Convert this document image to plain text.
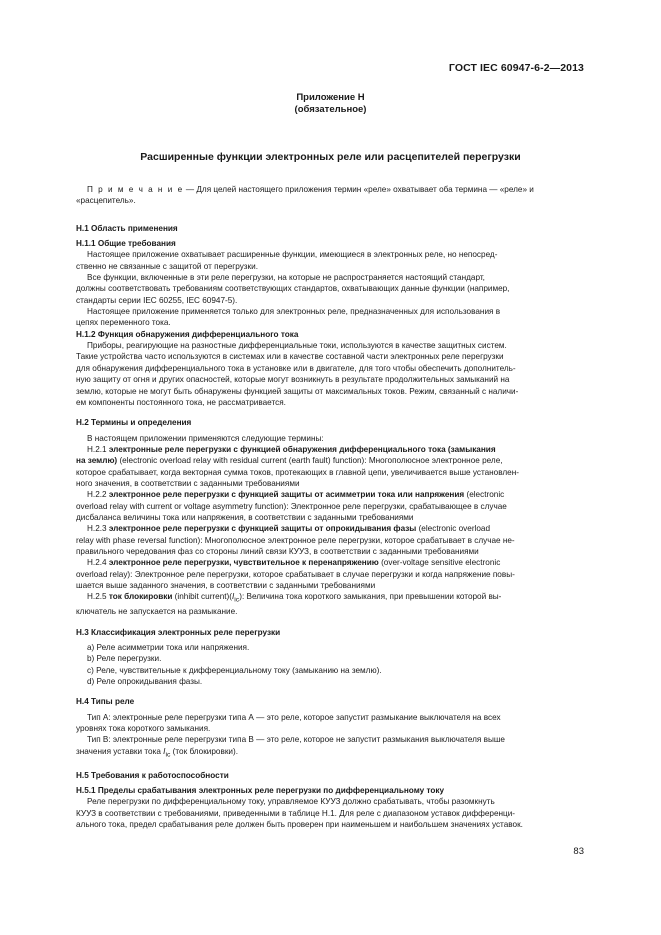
ГОСТ IEC 60947-6-2—2013
Приложение Н
(обязательное)
Расширенные функции электронных реле или расцепителей перегрузки

П р и м е ч а н и е — Для целей настоящего приложения термин «реле» охватывает оба термина — «реле» и

«расцепитель».

Н.1 Область применения

Н.1.1 Общие требования

Настоящее приложение охватывает расширенные функции, имеющиеся в электронных реле, но непосред-

ственно не связанные с защитой от перегрузки.

Все функции, включенные в эти реле перегрузки, на которые не распространяется настоящий стандарт,

должны соответствовать требованиям соответствующих стандартов, охватывающих данные функции (например,

стандарты серии IEC 60255, IEC 60947-5).

Настоящее приложение применяется только для электронных реле, предназначенных для использования в

цепях переменного тока.

Н.1.2 Функция обнаружения дифференциального тока

Приборы, реагирующие на разностные дифференциальные токи, используются в качестве защитных систем.

Такие устройства часто используются в системах или в качестве составной части электронных реле перегрузки

для обнаружения дифференциального тока в установке или в двигателе, для того чтобы обеспечить дополнитель-

ную защиту от огня и других опасностей, которые могут возникнуть в результате продолжительных замыканий на

землю, которые не могут быть обнаружены функцией защиты от максимальных токов. Режим, связанный с наличи-

ем компоненты постоянного тока, не рассматривается.

Н.2 Термины и определения

В настоящем приложении применяются следующие термины:

Н.2.1 электронные реле перегрузки с функцией обнаружения дифференциального тока (замыкания

на землю) (electronic overload relay with residual current (earth fault) function): Многополюсное электронное реле,

которое срабатывает, когда векторная сумма токов, протекающих в главной цепи, увеличивается выше установлен-

ного значения, в соответствии с заданными требованиями

Н.2.2 электронное реле перегрузки с функцией защиты от асимметрии тока или напряжения (electronic

overload relay with current or voltage asymmetry function): Электронное реле перегрузки, срабатывающее в случае

дисбаланса величины тока или напряжения, в соответствии с заданными требованиями

Н.2.3 электронное реле перегрузки с функцией защиты от опрокидывания фазы (electronic overload

relay with phase reversal function): Многополюсное электронное реле перегрузки, которое срабатывает в случае не-

правильного чередования фаз со стороны линий связи КУУЗ, в соответствии с заданными требованиями

Н.2.4 электронное реле перегрузки, чувствительное к перенапряжению (over-voltage sensitive electronic

overload relay): Электронное реле перегрузки, которое срабатывает в случае перегрузки и когда напряжение повы-

шается выше заданного значения, в соответствии с заданными требованиями

Н.2.5 ток блокировки (inhibit $current)(I_{ic})$: Величина тока короткого замыкания, при превышении которой вы-

ключатель не запускается на размыкание.

Н.3 Классификация электронных реле перегрузки

a) Реле асимметрии тока или напряжения.

b) Реле перегрузки.

c) Реле, чувствительные к дифференциальному току (замыканию на землю).

d) Реле опрокидывания фазы.

Н.4 Типы реле

Тип А: электронные реле перегрузки типа А — это реле, которое запустит размыкание выключателя на всех

уровнях тока короткого замыкания.

Тип В: электронные реле перегрузки типа В — это реле, которое не запустит размыкания выключателя выше

значения уставки тока $I_{ic}$ (ток блокировки).

Н.5 Требования к работоспособности

Н.5.1 Пределы срабатывания электронных реле перегрузки по дифференциальному току

Реле перегрузки по дифференциальному току, управляемое КУУЗ должно срабатывать, чтобы разомкнуть

КУУЗ в соответствии с требованиями, приведенными в таблице Н.1. Для реле с диапазоном уставок дифференци-

ального тока, предел срабатывания реле должен быть проверен при наименьшем и наибольшем значениях уставок.

83
